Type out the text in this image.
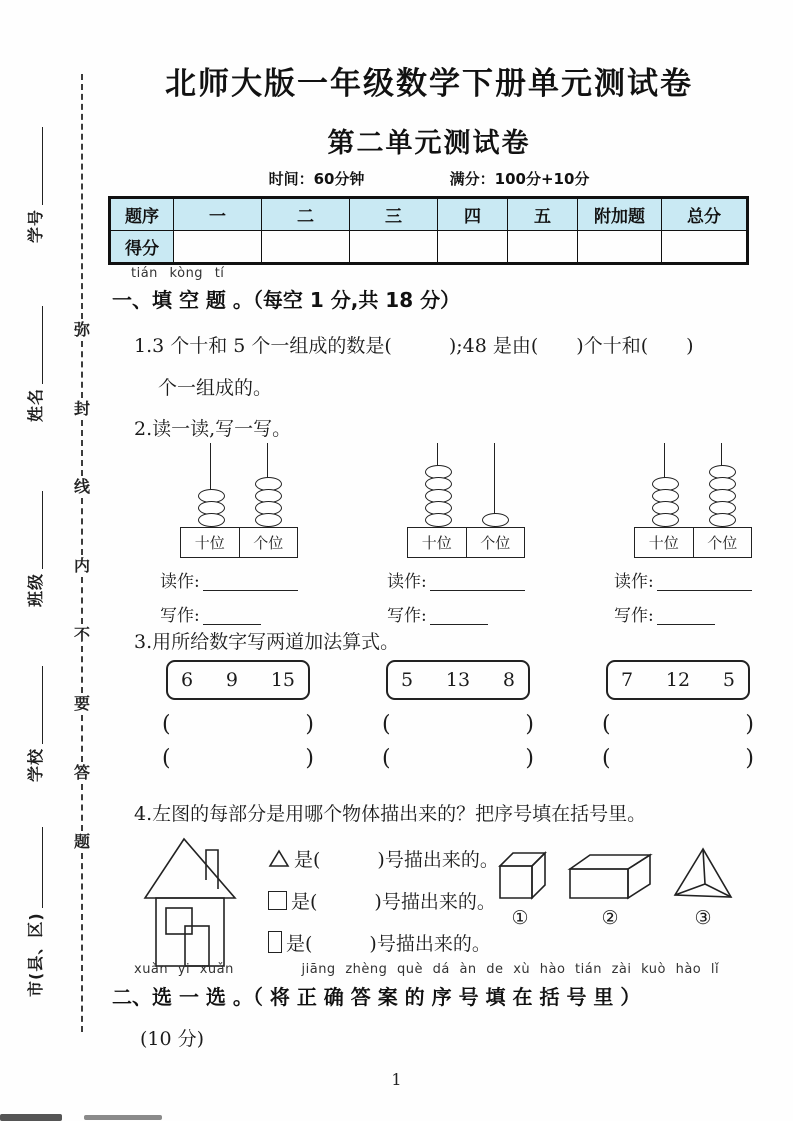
学号
姓名
班级
学校
市(县、区)
弥
封
线
内
不
要
答
题
北师大版一年级数学下册单元测试卷
第二单元测试卷
时间：60分钟	满分：100分+10分
题序	一	二	三	四	五	附加题	总分
得分							
tián kòng tí
一、填 空 题 。（每空 1 分,共 18 分）
1.3 个十和 5 个一组成的数是(　　　);48 是由(　　)个十和(　　)
个一组成的。
2.读一读,写一写。
十位	个位
读作:
写作:
十位	个位
读作:
写作:
十位	个位
读作:
写作:
3.用所给数字写两道加法算式。
6 9 15
(	)
(	)
5 13 8
(	)
(	)
7 12 5
(	)
(	)
4.左图的每部分是用哪个物体描出来的？把序号填在括号里。
是(　　　)号描出来的。
是(　　　)号描出来的。
是(　　　)号描出来的。
①	②	③
xuǎn yi xuǎn	jiāng zhèng què dá àn de xù hào tián zài kuò hào lǐ
二、选 一 选 。（ 将 正 确 答 案 的 序 号 填 在 括 号 里 ）
(10 分)
1
